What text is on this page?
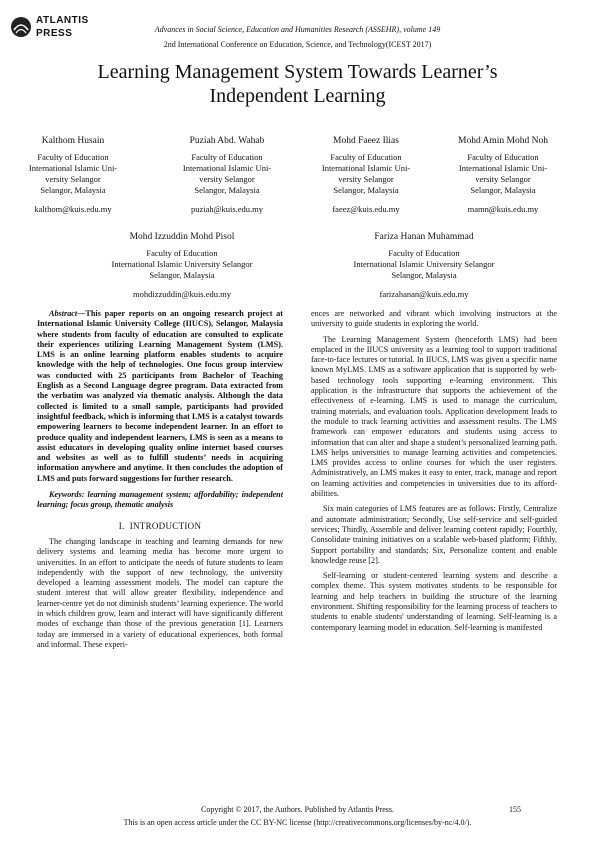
ATLANTIS
PRESS	Advances in Social Science, Education and Humanities Research (ASSEHR), volume 149
2nd International Conference on Education, Science, and Technology(ICEST 2017)
Learning Management System Towards Learner’s
Independent Learning
Kalthom Husain
Faculty of Education
International Islamic Uni-
versity Selangor
Selangor, Malaysia
kalthom@kuis.edu.my
Puziah Abd. Wahab
Faculty of Education
International Islamic Uni-
versity Selangor
Selangor, Malaysia
puziah@kuis.edu.my
Mohd Faeez Ilias
Faculty of Education
International Islamic Uni-
versity Selangor
Selangor, Malaysia
faeez@kuis.edu.my
Mohd Amin Mohd Noh
Faculty of Education
International Islamic Uni-
versity Selangor
Selangor, Malaysia
mamn@kuis.edu.my
Mohd Izzuddin Mohd Pisol
Faculty of Education
International Islamic University Selangor
Selangor, Malaysia
mohdizzuddin@kuis.edu.my
Fariza Hanan Muhammad
Faculty of Education
International Islamic University Selangor
Selangor, Malaysia
farizahanan@kuis.edu.my

Abstract—This paper reports on an ongoing research project at International Islamic University College (IIUCS), Selangor, Malaysia where students from faculty of education are consulted to explicate their experiences utilizing Learning Management System (LMS). LMS is an online learning platform enables students to acquire knowledge with the help of technologies. One focus group interview was conducted with 25 participants from Bachelor of Teaching English as a Second Language degree program. Data extracted from the verbatim was analyzed via thematic analysis. Although the data collected is limited to a small sample, participants had provided insightful feedback, which is informing that LMS is a catalyst towards empowering learners to become independent learner. In an effort to produce quality and independent learners, LMS is seen as a means to assist educators in developing quality online internet based courses and websites as well as to fulfill students’ needs in acquiring information anywhere and anytime. It then concludes the adoption of LMS and puts forward suggestions for further research.

Keywords: learning management system; affordability; independent learning; focus group, thematic analysis

I. INTRODUCTION

The changing landscape in teaching and learning demands for new delivery systems and learning media has become more urgent to universities. In an effort to anticipate the needs of future students to learn independently with the support of new technology, the university developed a learning assessment models. The model can capture the student interest that will allow greater flexibility, independence and learner-centre yet do not diminish students’ learning experience. The world in which children grow, learn and interact will have significantly different modes of exchange than those of the previous generation [1]. Learners today are immersed in a variety of educational experiences, both formal and informal. These experi-

ences are networked and vibrant which involving instructors at the university to guide students in exploring the world.

The Learning Management System (henceforth LMS) had been emplaced in the IIUCS university as a learning tool to support traditional face-to-face lectures or tutorial. In IIUCS, LMS was given a specific name known MyLMS. LMS as a software application that is supported by web-based technology tools supporting e-learning environment. This application is the infrastructure that supports the achievement of the effectiveness of e-learning. LMS is used to manage the curriculum, training materials, and evaluation tools. Application development leads to the module to track learning activities and assessment results. The LMS framework can empower educators and students using access to information that can alter and shape a student’s personalized learning path. LMS helps universities to manage learning activities and competencies. LMS provides access to online courses for which the user registers. Administratively, an LMS makes it easy to enter, track, manage and report on learning activities and competencies in universities due to its afford-abilities.

Six main categories of LMS features are as follows: Firstly, Centralize and automate administration; Secondly, Use self-service and self-guided services; Thirdly, Assemble and deliver learning content rapidly; Fourthly, Consolidate training initiatives on a scalable web-based platform; Fifthly, Support portability and standards; Six, Personalize content and enable knowledge reuse [2].

Self-learning or student-centered learning system and describe a complex theme. This system motivates students to be responsible for learning and help teachers in building the structure of the learning environment. Shifting responsibility for the learning process of teachers to students to enable students' understanding of learning. Self-learning is a contemporary learning model in education. Self-learning is manifested

Copyright © 2017, the Authors. Published by Atlantis Press.	155
This is an open access article under the CC BY-NC license (http://creativecommons.org/licenses/by-nc/4.0/).
